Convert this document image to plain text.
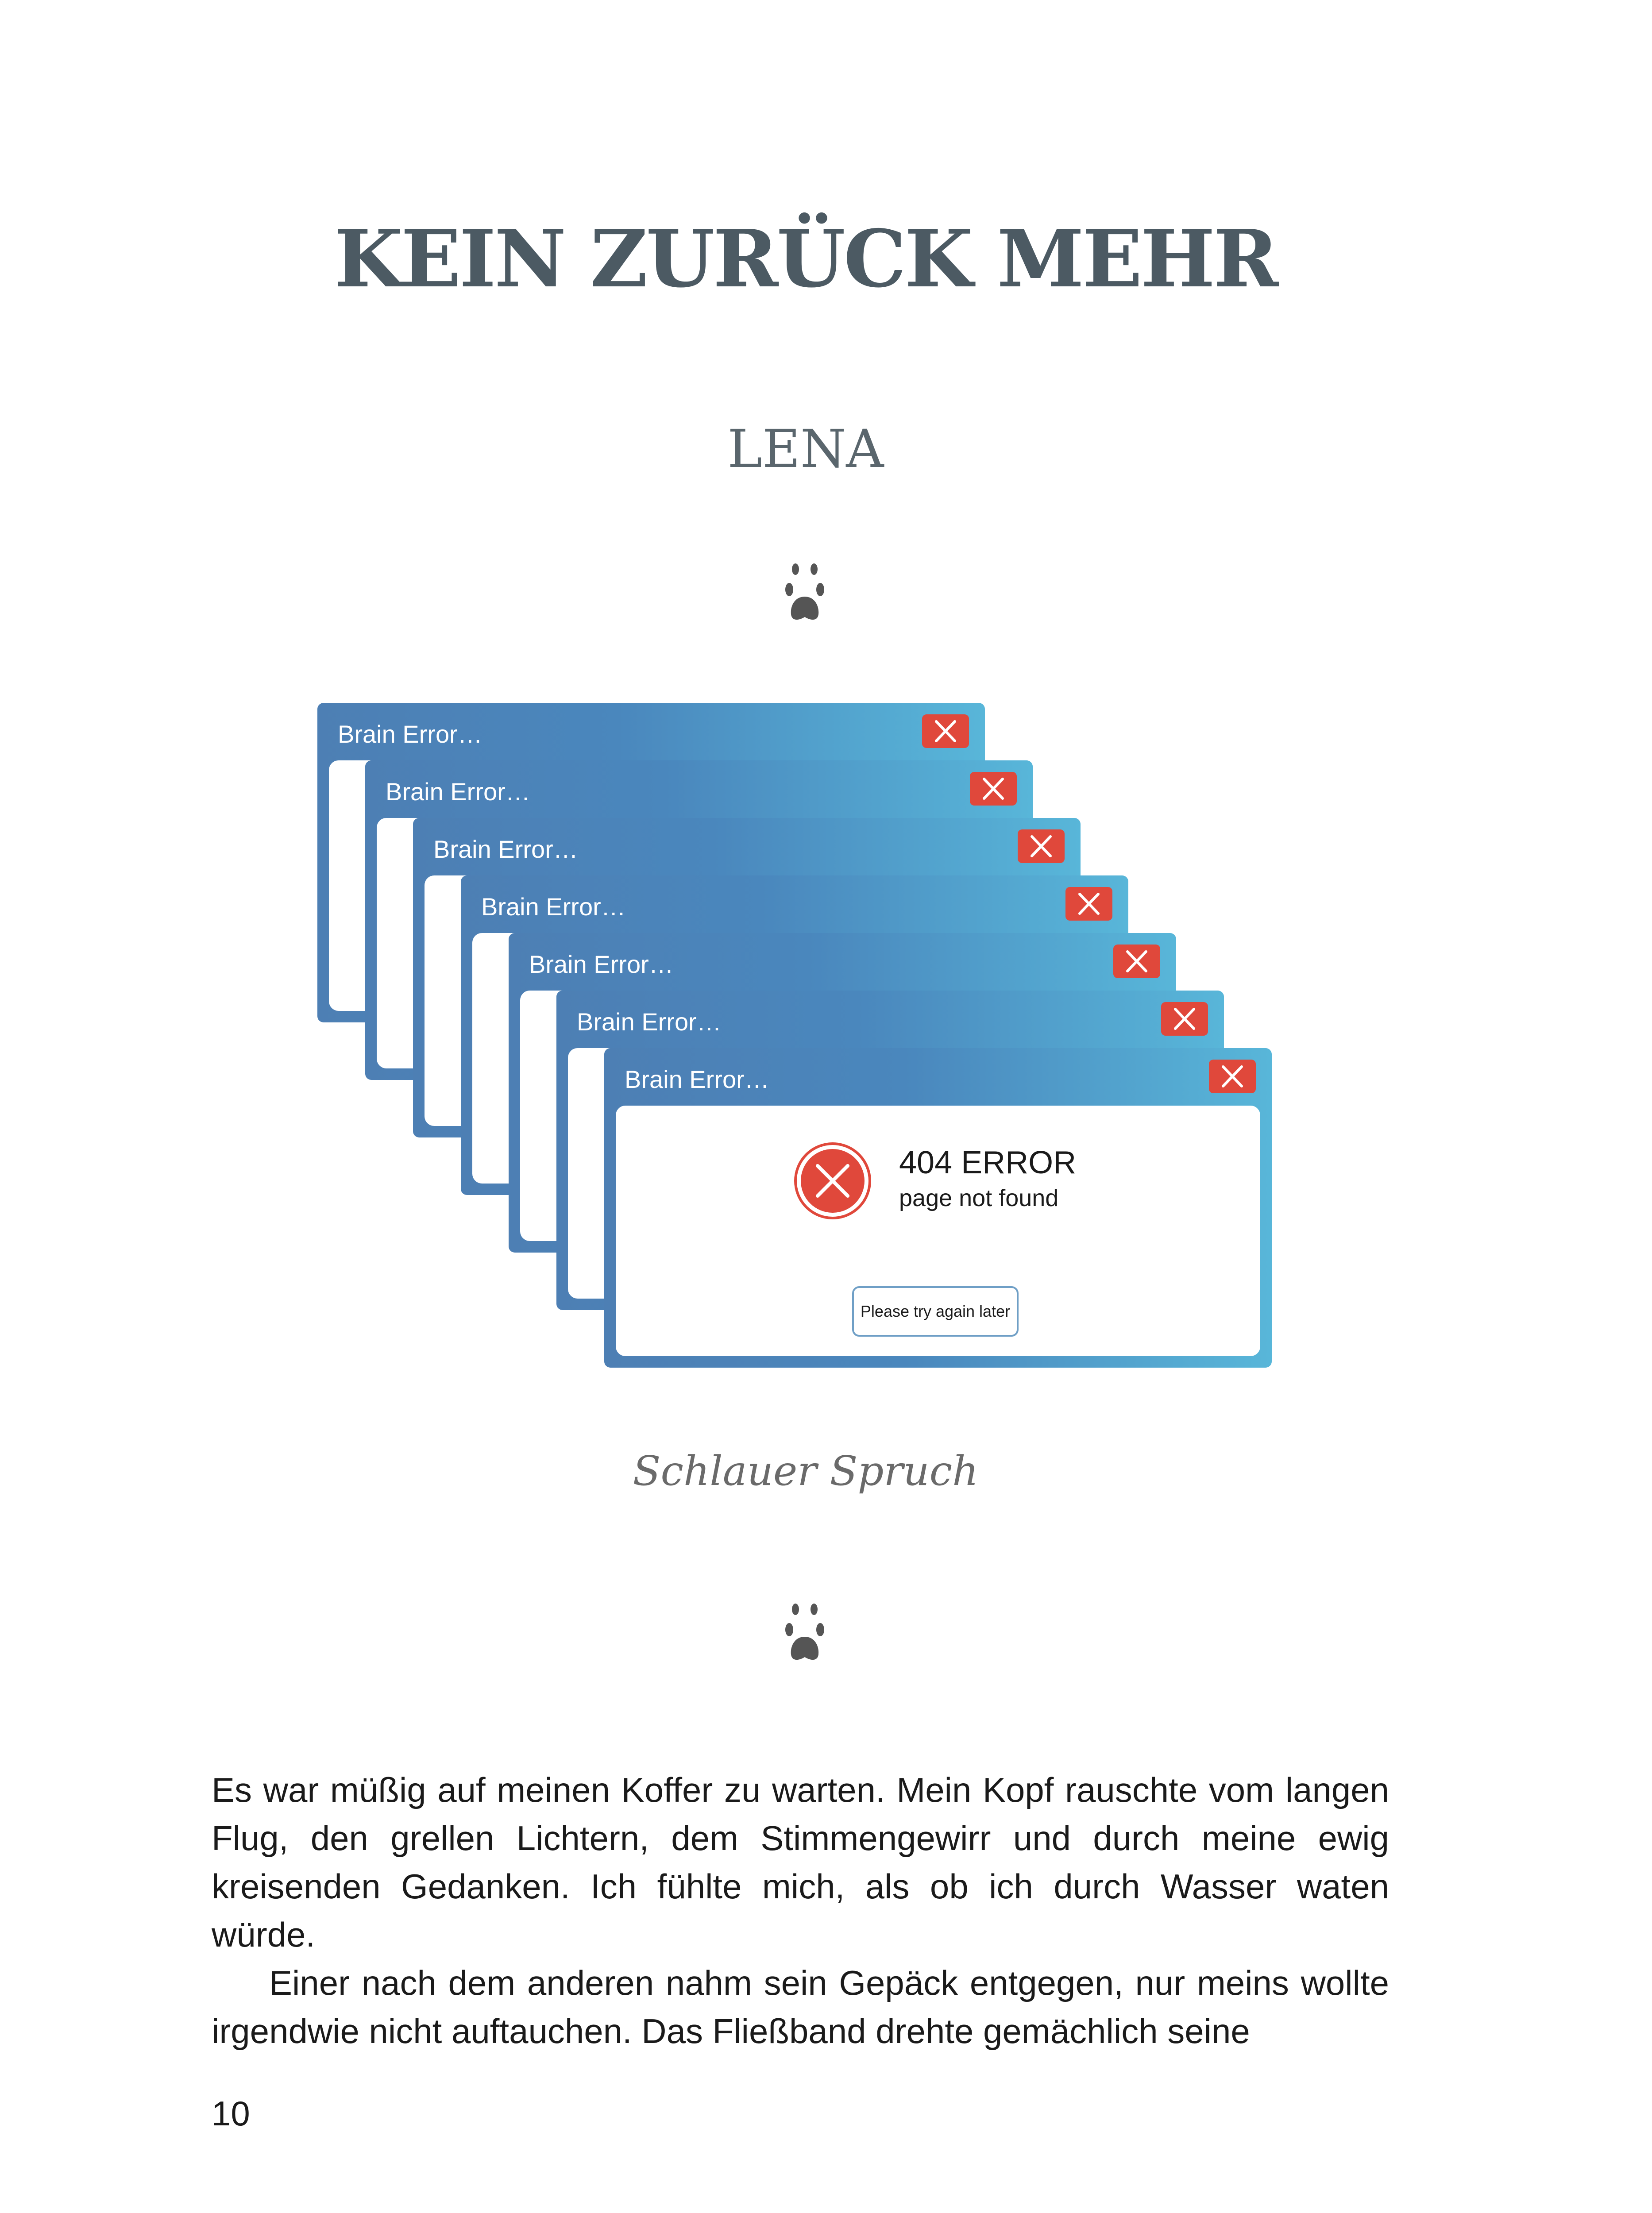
KEIN ZURÜCK MEHR
LENA
Brain Error…
Brain Error…
Brain Error…
Brain Error…
Brain Error…
Brain Error…
Brain Error…
404 ERROR
page not found
Please try again later
Schlauer Spruch

Es war müßig auf meinen Koffer zu warten. Mein Kopf rauschte vom langen Flug, den grellen Lichtern, dem Stimmengewirr und durch meine ewig kreisenden Gedanken. Ich fühlte mich, als ob ich durch Wasser waten würde.

Einer nach dem anderen nahm sein Gepäck entgegen, nur meins wollte irgendwie nicht auftauchen. Das Fließband drehte gemächlich seine

10
